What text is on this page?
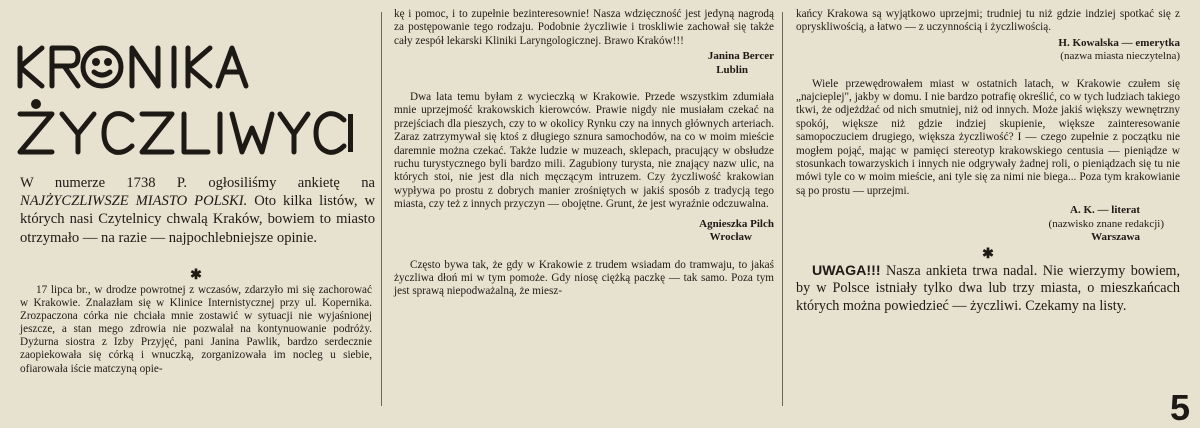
W numerze 1738 P. ogłosiliśmy ankietę na NAJŻYCZLIWSZE MIASTO POLSKI. Oto kilka listów, w których nasi Czytelnicy chwalą Kraków, bowiem to miasto otrzymało — na razie — najpochlebniejsze opinie.
✱

17 lipca br., w drodze powrotnej z wczasów, zdarzyło mi się zachorować w Krakowie. Znalazłam się w Klinice Internistycznej przy ul. Kopernika. Zrozpaczona córka nie chciała mnie zostawić w sytuacji nie wyjaśnionej jeszcze, a stan mego zdrowia nie pozwalał na kontynuowanie podróży. Dyżurna siostra z Izby Przyjęć, pani Janina Pawlik, bardzo serdecznie zaopiekowała się córką i wnuczką, zorganizowała im nocleg u siebie, ofiarowała iście matczyną opie-

kę i pomoc, i to zupełnie bezinteresownie! Nasza wdzięczność jest jedyną nagrodą za postępowanie tego rodzaju. Podobnie życzliwie i troskliwie zachował się także cały zespół lekarski Kliniki Laryngologicznej. Brawo Kraków!!!

Janina Bercer
Lublin

Dwa lata temu byłam z wycieczką w Krakowie. Przede wszystkim zdumiała mnie uprzejmość krakowskich kierowców. Prawie nigdy nie musiałam czekać na przejściach dla pieszych, czy to w okolicy Rynku czy na innych głównych arteriach. Zaraz zatrzymywał się ktoś z długiego sznura samochodów, na co w moim mieście daremnie można czekać. Także ludzie w muzeach, sklepach, pracujący w obsłudze ruchu turystycznego byli bardzo mili. Zagubiony turysta, nie znający nazw ulic, na których stoi, nie jest dla nich męczącym intruzem. Czy życzliwość krakowian wypływa po prostu z dobrych manier zrośniętych w jakiś sposób z tradycją tego miasta, czy też z innych przyczyn — obojętne. Grunt, że jest wyraźnie odczuwalna.

Agnieszka Pilch
Wrocław

Często bywa tak, że gdy w Krakowie z trudem wsiadam do tramwaju, to jakaś życzliwa dłoń mi w tym pomoże. Gdy niosę ciężką paczkę — tak samo. Poza tym jest sprawą niepodważalną, że miesz-

kańcy Krakowa są wyjątkowo uprzejmi; trudniej tu niż gdzie indziej spotkać się z opryskliwością, a łatwo — z uczynnością i życzliwością.

H. Kowalska — emerytka
(nazwa miasta nieczytelna)

Wiele przewędrowałem miast w ostatnich latach, w Krakowie czułem się „najcieplej", jakby w domu. I nie bardzo potrafię określić, co w tych ludziach takiego tkwi, że odjeżdżać od nich smutniej, niż od innych. Może jakiś większy wewnętrzny spokój, większe niż gdzie indziej skupienie, większe zainteresowanie samopoczuciem drugiego, większa życzliwość? I — czego zupełnie z początku nie mogłem pojąć, mając w pamięci stereotyp krakowskiego centusia — pieniądze w stosunkach towarzyskich i innych nie odgrywały żadnej roli, o pieniądzach się tu nie mówi tyle co w moim mieście, ani tyle się za nimi nie biega... Poza tym krakowianie są po prostu — uprzejmi.

A. K. — literat
(nazwisko znane redakcji)
Warszawa
✱

UWAGA!!! Nasza ankieta trwa nadal. Nie wierzymy bowiem, by w Polsce istniały tylko dwa lub trzy miasta, o mieszkańcach których można powiedzieć — życzliwi. Czekamy na listy.

5
